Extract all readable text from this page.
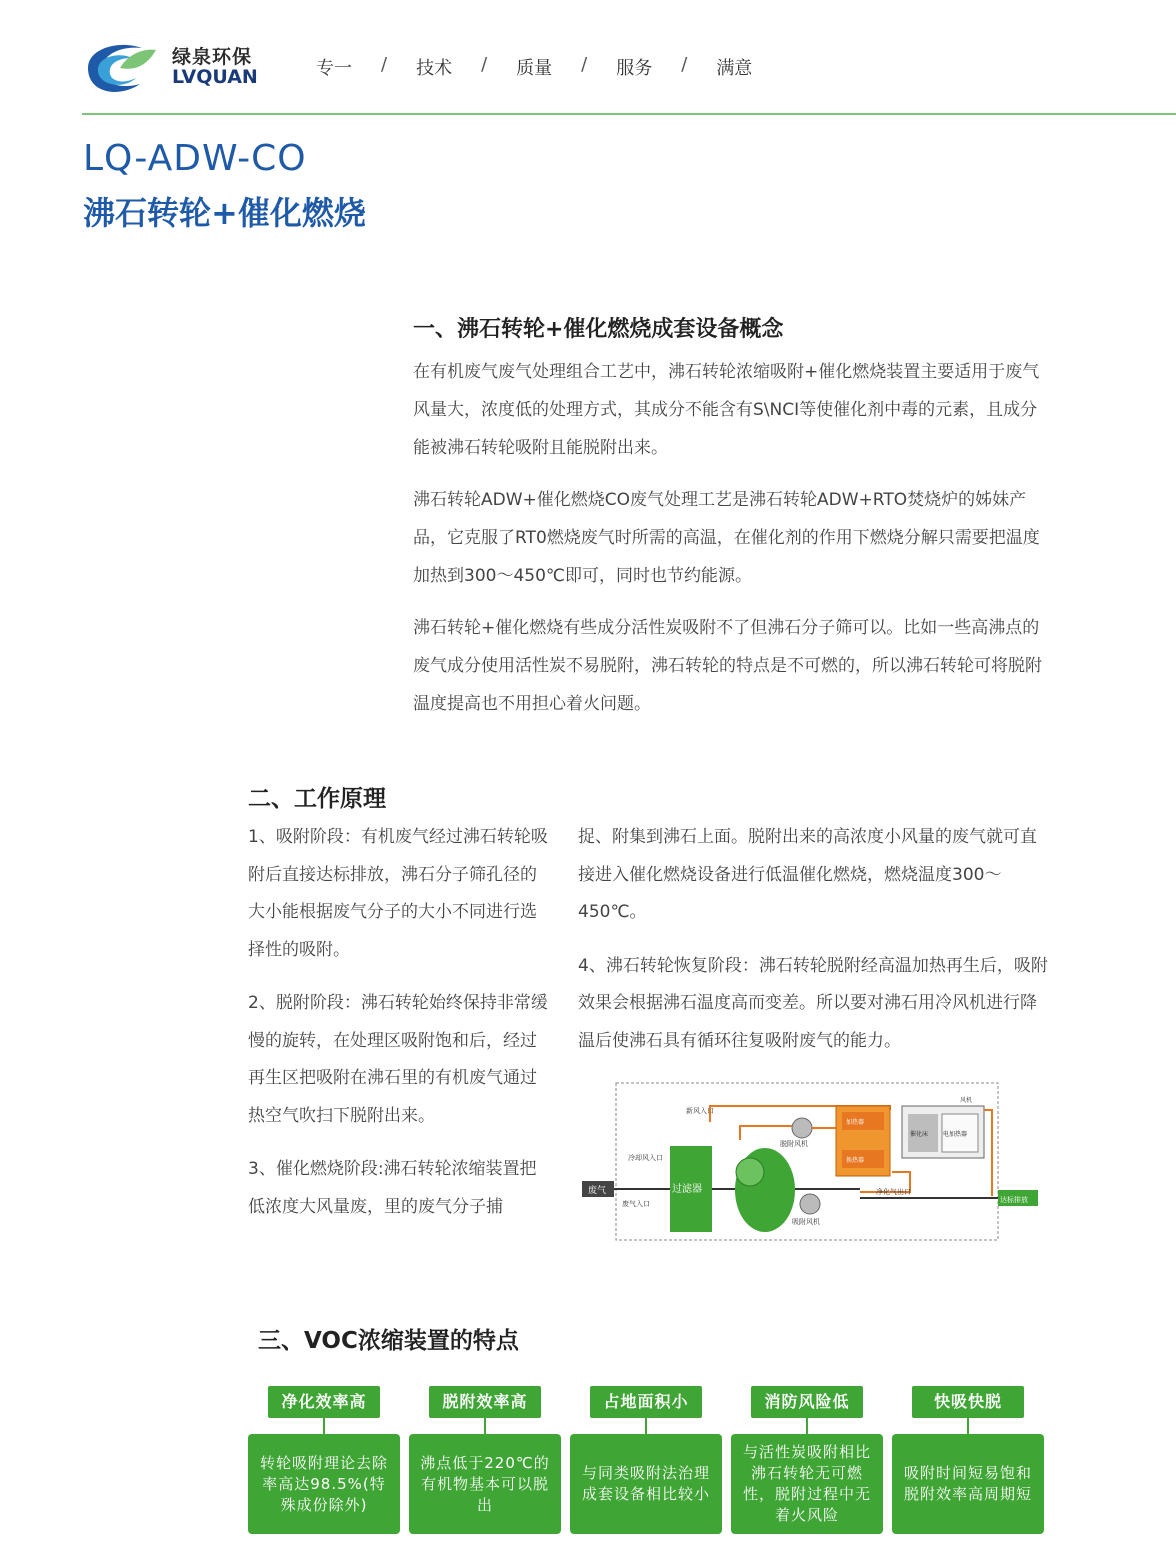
绿泉环保
LVQUAN	专一 / 技术 / 质量 / 服务 / 满意
LQ-ADW-CO
沸石转轮+催化燃烧
一、沸石转轮+催化燃烧成套设备概念

在有机废气废气处理组合工艺中，沸石转轮浓缩吸附+催化燃烧装置主要适用于废气风量大，浓度低的处理方式，其成分不能含有S\NCI等使催化剂中毒的元素，且成分能被沸石转轮吸附且能脱附出来。

沸石转轮ADW+催化燃烧CO废气处理工艺是沸石转轮ADW+RTO焚烧炉的姊妹产品，它克服了RT0燃烧废气时所需的高温，在催化剂的作用下燃烧分解只需要把温度加热到300～450℃即可，同时也节约能源。

沸石转轮+催化燃烧有些成分活性炭吸附不了但沸石分子筛可以。比如一些高沸点的废气成分使用活性炭不易脱附，沸石转轮的特点是不可燃的，所以沸石转轮可将脱附温度提高也不用担心着火问题。

二、工作原理

1、吸附阶段：有机废气经过沸石转轮吸附后直接达标排放，沸石分子筛孔径的大小能根据废气分子的大小不同进行选择性的吸附。

2、脱附阶段：沸石转轮始终保持非常缓慢的旋转，在处理区吸附饱和后，经过再生区把吸附在沸石里的有机废气通过热空气吹扫下脱附出来。

3、催化燃烧阶段:沸石转轮浓缩装置把低浓度大风量废，里的废气分子捕

捉、附集到沸石上面。脱附出来的高浓度小风量的废气就可直接进入催化燃烧设备进行低温催化燃烧，燃烧温度300～450℃。

4、沸石转轮恢复阶段：沸石转轮脱附经高温加热再生后，吸附效果会根据沸石温度高而变差。所以要对沸石用冷风机进行降温后使沸石具有循环往复吸附废气的能力。

废气	过滤器
新风入口
冷却风入口
废气入口
脱附风机
吸附风机
加热器
换热器
催化床 电加热器
风机
净化气出口
达标排放
三、VOC浓缩装置的特点
净化效率高
转轮吸附理论去除率高达98.5%(特殊成份除外)
脱附效率高
沸点低于220℃的有机物基本可以脱出
占地面积小
与同类吸附法治理成套设备相比较小
消防风险低
与活性炭吸附相比沸石转轮无可燃性，脱附过程中无着火风险
快吸快脱
吸附时间短易饱和脱附效率高周期短
